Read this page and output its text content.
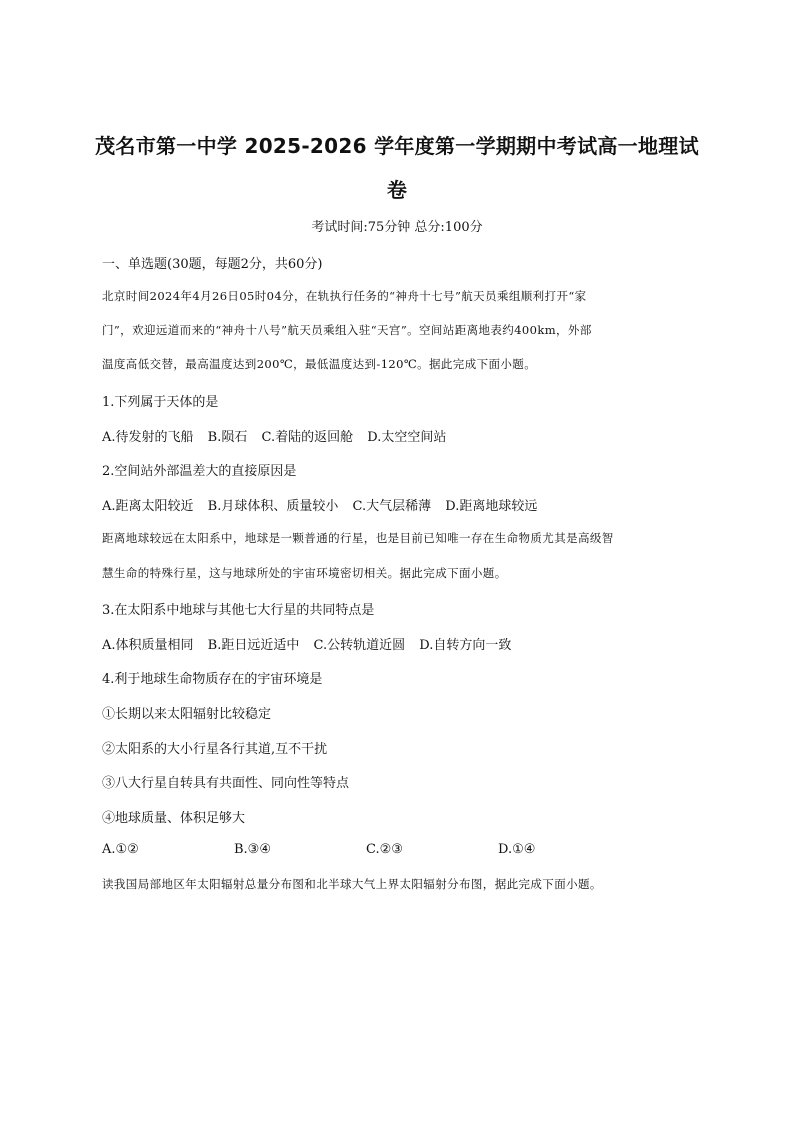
茂名市第一中学 2025-2026 学年度第一学期期中考试高一地理试
卷
考试时间:75分钟 总分:100分
一、单选题(30题，每题2分，共60分)
北京时间2024年4月26日05时04分，在轨执行任务的“神舟十七号”航天员乘组顺利打开“家
门”，欢迎远道而来的“神舟十八号”航天员乘组入驻“天宫”。空间站距离地表约400km，外部
温度高低交替，最高温度达到200℃，最低温度达到-120℃。据此完成下面小题。
1.下列属于天体的是
A.待发射的飞船 B.陨石 C.着陆的返回舱 D.太空空间站
2.空间站外部温差大的直接原因是
A.距离太阳较近 B.月球体积、质量较小 C.大气层稀薄 D.距离地球较远
距离地球较远在太阳系中，地球是一颗普通的行星，也是目前已知唯一存在生命物质尤其是高级智
慧生命的特殊行星，这与地球所处的宇宙环境密切相关。据此完成下面小题。
3.在太阳系中地球与其他七大行星的共同特点是
A.体积质量相同 B.距日远近适中 C.公转轨道近圆 D.自转方向一致
4.利于地球生命物质存在的宇宙环境是
①长期以来太阳辐射比较稳定
②太阳系的大小行星各行其道,互不干扰
③八大行星自转具有共面性、同向性等特点
④地球质量、体积足够大
A.①②	B.③④	C.②③	D.①④
读我国局部地区年太阳辐射总量分布图和北半球大气上界太阳辐射分布图，据此完成下面小题。
